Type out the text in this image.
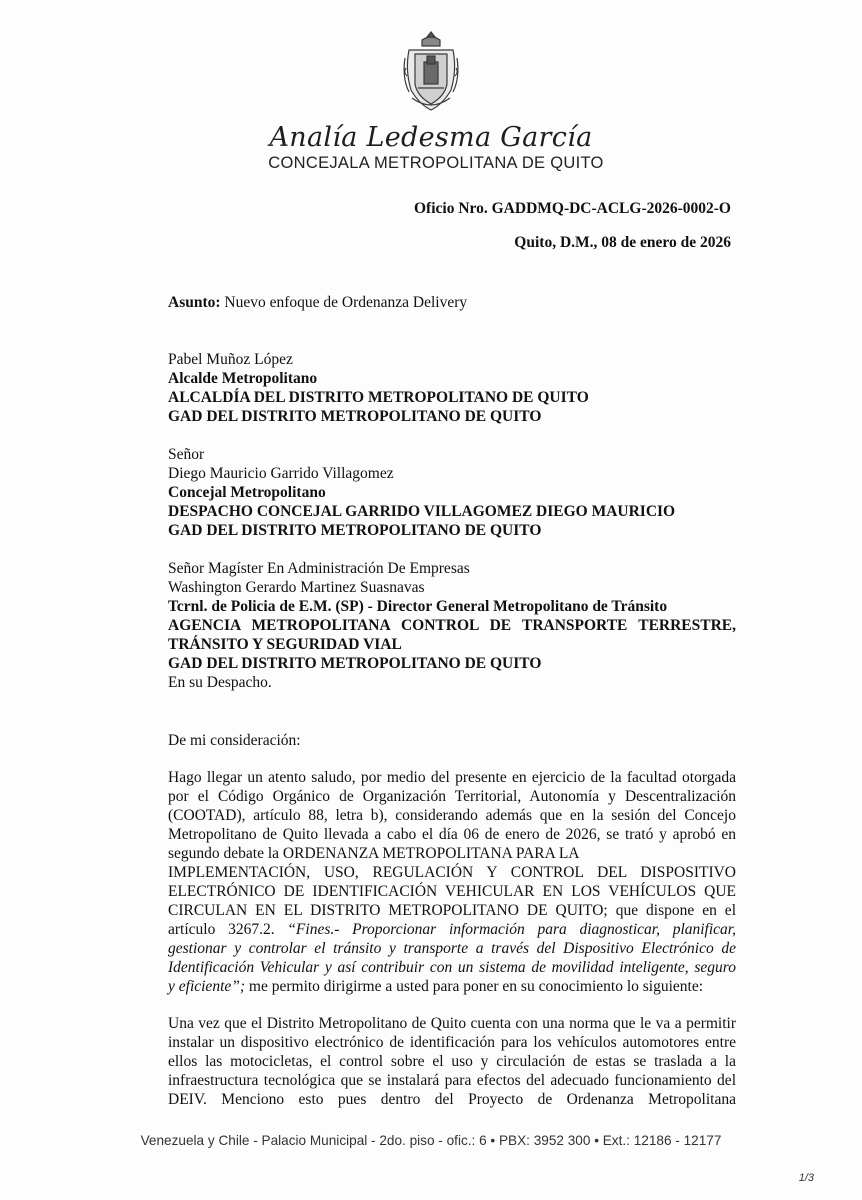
Analía Ledesma García
CONCEJALA METROPOLITANA DE QUITO
Oficio Nro. GADDMQ-DC-ACLG-2026-0002-O
Quito, D.M., 08 de enero de 2026
Asunto: Nuevo enfoque de Ordenanza Delivery
Pabel Muñoz López
Alcalde Metropolitano
ALCALDÍA DEL DISTRITO METROPOLITANO DE QUITO
GAD DEL DISTRITO METROPOLITANO DE QUITO
Señor
Diego Mauricio Garrido Villagomez
Concejal Metropolitano
DESPACHO CONCEJAL GARRIDO VILLAGOMEZ DIEGO MAURICIO
GAD DEL DISTRITO METROPOLITANO DE QUITO
Señor Magíster En Administración De Empresas
Washington Gerardo Martinez Suasnavas
Tcrnl. de Policia de E.M. (SP) - Director General Metropolitano de Tránsito
AGENCIA METROPOLITANA CONTROL DE TRANSPORTE TERRESTRE,
TRÁNSITO Y SEGURIDAD VIAL
GAD DEL DISTRITO METROPOLITANO DE QUITO
En su Despacho.
De mi consideración:
Hago llegar un atento saludo, por medio del presente en ejercicio de la facultad otorgada
por el Código Orgánico de Organización Territorial, Autonomía y Descentralización
(COOTAD), artículo 88, letra b), considerando además que en la sesión del Concejo
Metropolitano de Quito llevada a cabo el día 06 de enero de 2026, se trató y aprobó en
segundo debate la ORDENANZA METROPOLITANA PARA LA
IMPLEMENTACIÓN, USO, REGULACIÓN Y CONTROL DEL DISPOSITIVO
ELECTRÓNICO DE IDENTIFICACIÓN VEHICULAR EN LOS VEHÍCULOS QUE
CIRCULAN EN EL DISTRITO METROPOLITANO DE QUITO; que dispone en el
artículo 3267.2. “Fines.- Proporcionar información para diagnosticar, planificar,
gestionar y controlar el tránsito y transporte a través del Dispositivo Electrónico de
Identificación Vehicular y así contribuir con un sistema de movilidad inteligente, seguro
y eficiente”; me permito dirigirme a usted para poner en su conocimiento lo siguiente:
Una vez que el Distrito Metropolitano de Quito cuenta con una norma que le va a permitir
instalar un dispositivo electrónico de identificación para los vehículos automotores entre
ellos las motocicletas, el control sobre el uso y circulación de estas se traslada a la
infraestructura tecnológica que se instalará para efectos del adecuado funcionamiento del
DEIV. Menciono esto pues dentro del Proyecto de Ordenanza Metropolitana
Venezuela y Chile - Palacio Municipal - 2do. piso - ofic.: 6 • PBX: 3952 300 • Ext.: 12186 - 12177
1/3
